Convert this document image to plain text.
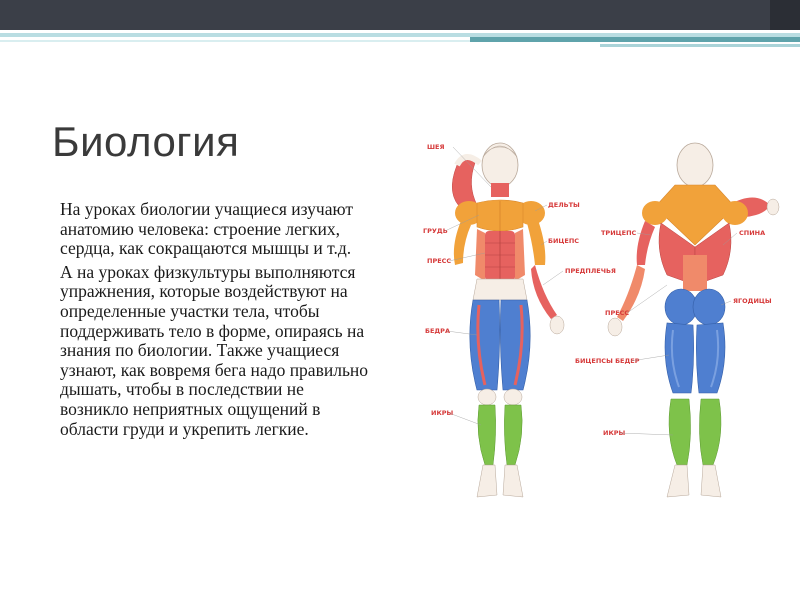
Биология

На уроках биологии учащиеся изучают анатомию человека: строение легких, сердца, как сокращаются мышцы и т.д.

А на уроках физкультуры выполняются упражнения, которые воздействуют на определенные участки тела, чтобы поддерживать тело в форме, опираясь на знания по биологии. Также учащиеся узнают, как вовремя бега надо правильно дышать, чтобы в последствии не возникло неприятных ощущений в области груди и укрепить легкие.

ШЕЯ
ГРУДЬ
ПРЕСС
БЕДРА
ИКРЫ
ДЕЛЬТЫ
БИЦЕПС
ПРЕДПЛЕЧЬЯ
ТРИЦЕПС	СПИНА
ЯГОДИЦЫ
ПРЕСС
БИЦЕПСЫ БЕДЕР
ИКРЫ
